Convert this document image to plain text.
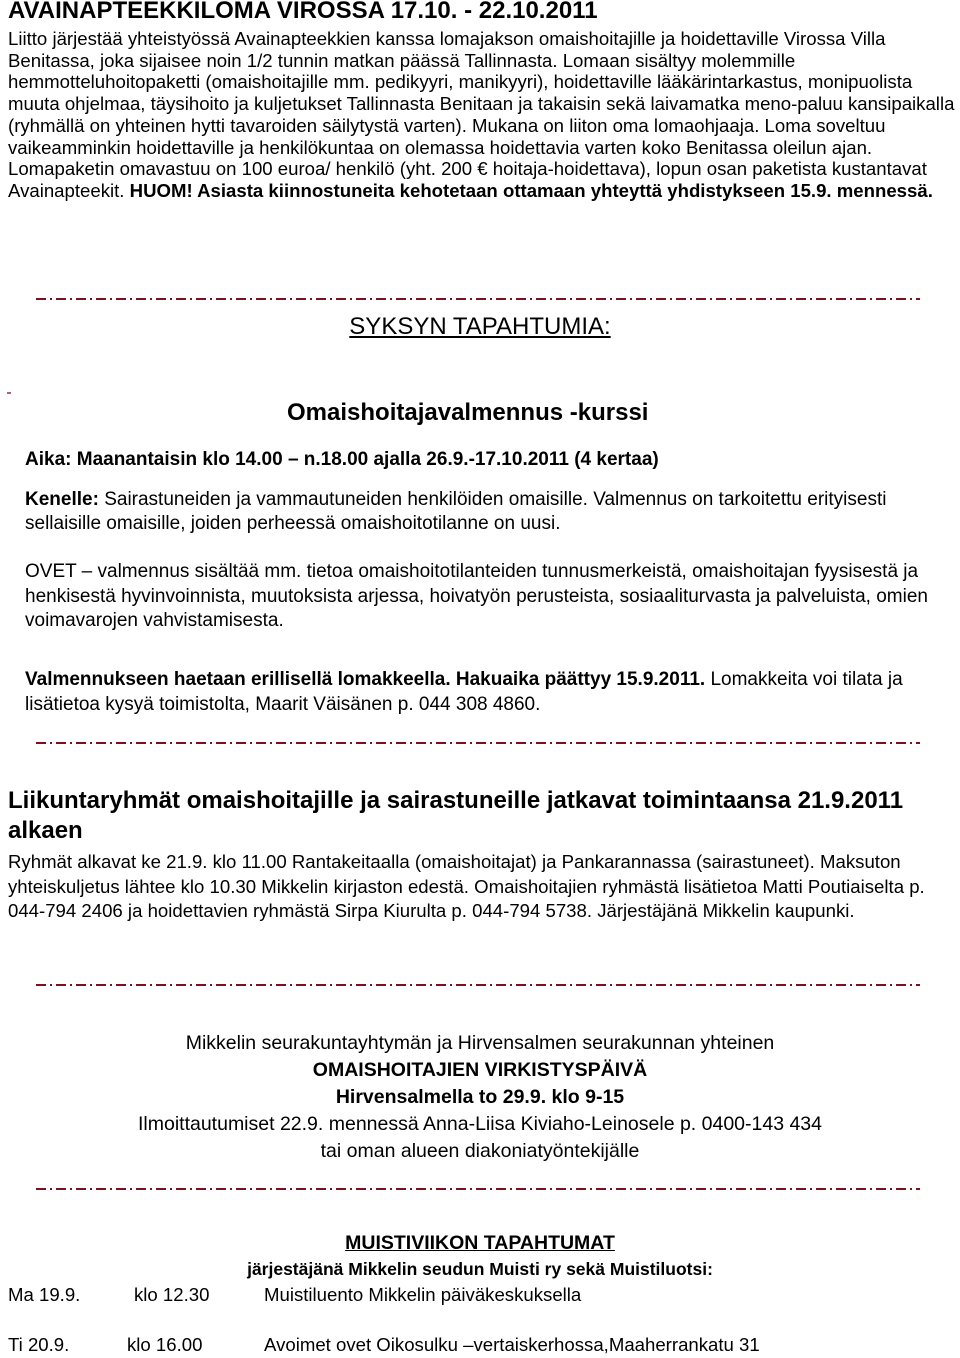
AVAINAPTEEKKILOMA VIROSSA 17.10. - 22.10.2011
Liitto järjestää yhteistyössä Avainapteekkien kanssa lomajakson omaishoitajille ja hoidettaville Virossa Villa Benitassa, joka sijaisee noin 1/2 tunnin matkan päässä Tallinnasta. Lomaan sisältyy molemmille hemmotteluhoitopaketti (omaishoitajille mm. pedikyyri, manikyyri), hoidettaville lääkärintarkastus, monipuolista muuta ohjelmaa, täysihoito ja kuljetukset Tallinnasta Benitaan ja takaisin sekä laivamatka meno-paluu kansipaikalla (ryhmällä on yhteinen hytti tavaroiden säilytystä varten). Mukana on liiton oma lomaohjaaja. Loma soveltuu vaikeamminkin hoidettaville ja henkilökuntaa on olemassa hoidettavia varten koko Benitassa oleilun ajan. Lomapaketin omavastuu on 100 euroa/ henkilö (yht. 200 € hoitaja-hoidettava), lopun osan paketista kustantavat Avainapteekit. HUOM! Asiasta kiinnostuneita kehotetaan ottamaan yhteyttä yhdistykseen 15.9. mennessä.
SYKSYN TAPAHTUMIA:
Omaishoitajavalmennus -kurssi
Aika: Maanantaisin klo 14.00 – n.18.00 ajalla 26.9.-17.10.2011 (4 kertaa)
Kenelle: Sairastuneiden ja vammautuneiden henkilöiden omaisille. Valmennus on tarkoitettu erityisesti sellaisille omaisille, joiden perheessä omaishoitotilanne on uusi.
OVET – valmennus sisältää mm. tietoa omaishoitotilanteiden tunnusmerkeistä, omaishoitajan fyysisestä ja henkisestä hyvinvoinnista, muutoksista arjessa, hoivatyön perusteista, sosiaaliturvasta ja palveluista, omien voimavarojen vahvistamisesta.
Valmennukseen haetaan erillisellä lomakkeella. Hakuaika päättyy 15.9.2011. Lomakkeita voi tilata ja lisätietoa kysyä toimistolta, Maarit Väisänen p. 044 308 4860.
Liikuntaryhmät omaishoitajille ja sairastuneille jatkavat toimintaansa 21.9.2011 alkaen
Ryhmät alkavat ke 21.9. klo 11.00 Rantakeitaalla (omaishoitajat) ja Pankarannassa (sairastuneet). Maksuton yhteiskuljetus lähtee klo 10.30 Mikkelin kirjaston edestä. Omaishoitajien ryhmästä lisätietoa Matti Poutiaiselta p. 044-794 2406 ja hoidettavien ryhmästä Sirpa Kiurulta p. 044-794 5738. Järjestäjänä Mikkelin kaupunki.
Mikkelin seurakuntayhtymän ja Hirvensalmen seurakunnan yhteinen
OMAISHOITAJIEN VIRKISTYSPÄIVÄ
Hirvensalmella to 29.9. klo 9-15
Ilmoittautumiset 22.9. mennessä Anna-Liisa Kiviaho-Leinosele p. 0400-143 434
tai oman alueen diakoniatyöntekijälle
MUISTIVIIKON TAPAHTUMAT
järjestäjänä Mikkelin seudun Muisti ry sekä Muistiluotsi:
Ma 19.9.	klo 12.30	Muistiluento Mikkelin päiväkeskuksella
Ti 20.9.	klo 16.00	Avoimet ovet Oikosulku –vertaiskerhossa,Maaherrankatu 31
